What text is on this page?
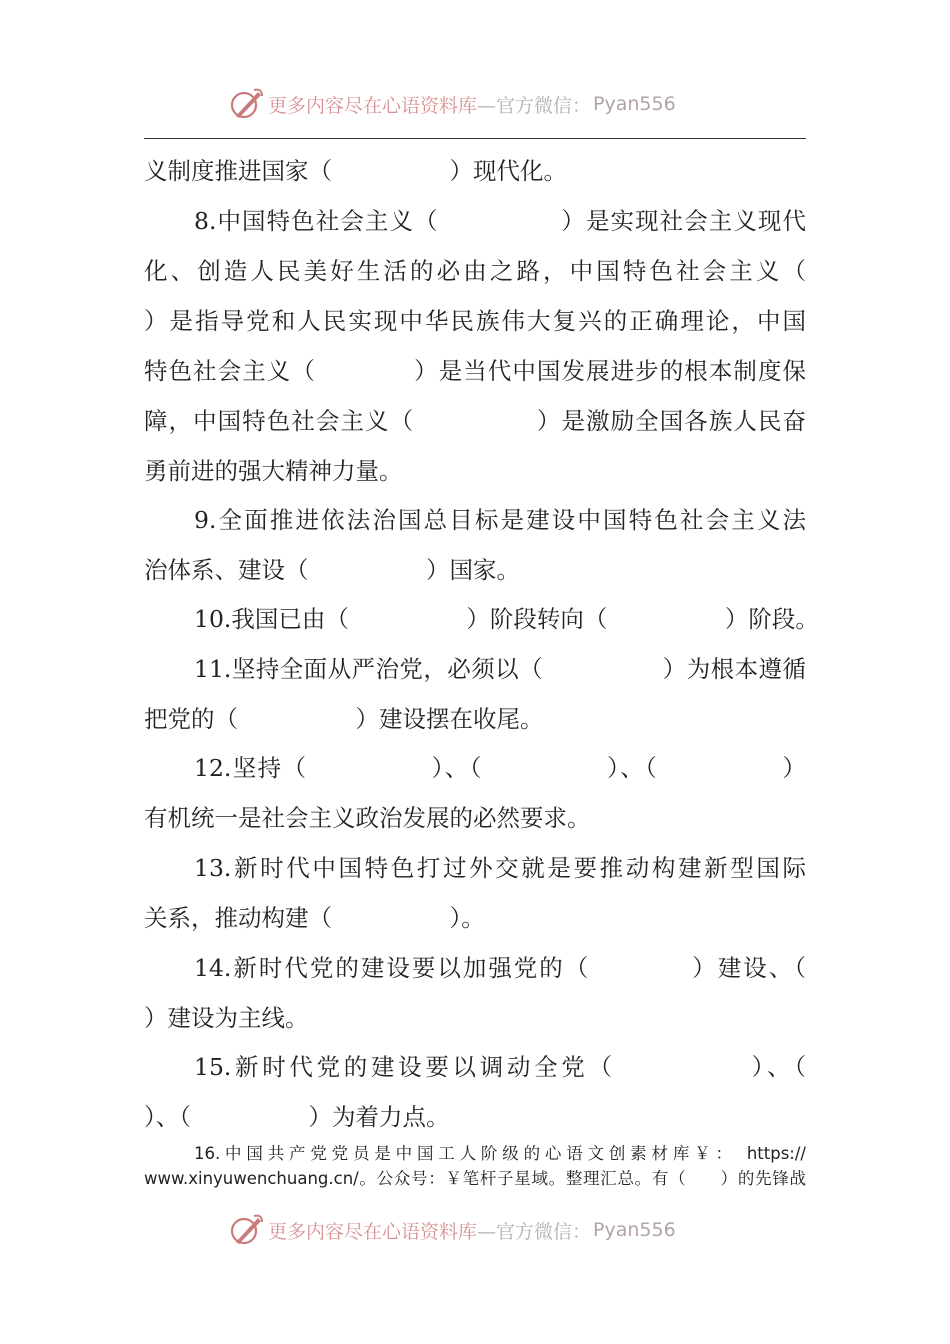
更多内容尽在心语资料库 —官方微信： Pyan556
义制度推进国家（　　　　　）现代化。
8.中国特色社会主义（　　　　　）是实现社会主义现代
化、创造人民美好生活的必由之路，中国特色社会主义（
）是指导党和人民实现中华民族伟大复兴的正确理论，中国
特色社会主义（　　　　）是当代中国发展进步的根本制度保
障，中国特色社会主义（　　　　　）是激励全国各族人民奋
勇前进的强大精神力量。
9.全面推进依法治国总目标是建设中国特色社会主义法
治体系、建设（　　　　　）国家。
10.我国已由（　　　　　）阶段转向（　　　　　）阶段。
11.坚持全面从严治党，必须以（　　　　　）为根本遵循
把党的（　　　　　）建设摆在收尾。
12.坚持（　　　　　）、（　　　　　）、（　　　　　）
有机统一是社会主义政治发展的必然要求。
13.新时代中国特色打过外交就是要推动构建新型国际
关系，推动构建（　　　　　）。
14.新时代党的建设要以加强党的（　　　　）建设、（
）建设为主线。
15.新时代党的建设要以调动全党（　　　　　）、（
）、（　　　　　）为着力点。
16.中国共产党党员是中国工人阶级的心语文创素材库￥： https://
www.xinyuwenchuang.cn/。公众号：￥笔杆子星域。整理汇总。有（　　）的先锋战
更多内容尽在心语资料库 —官方微信： Pyan556
